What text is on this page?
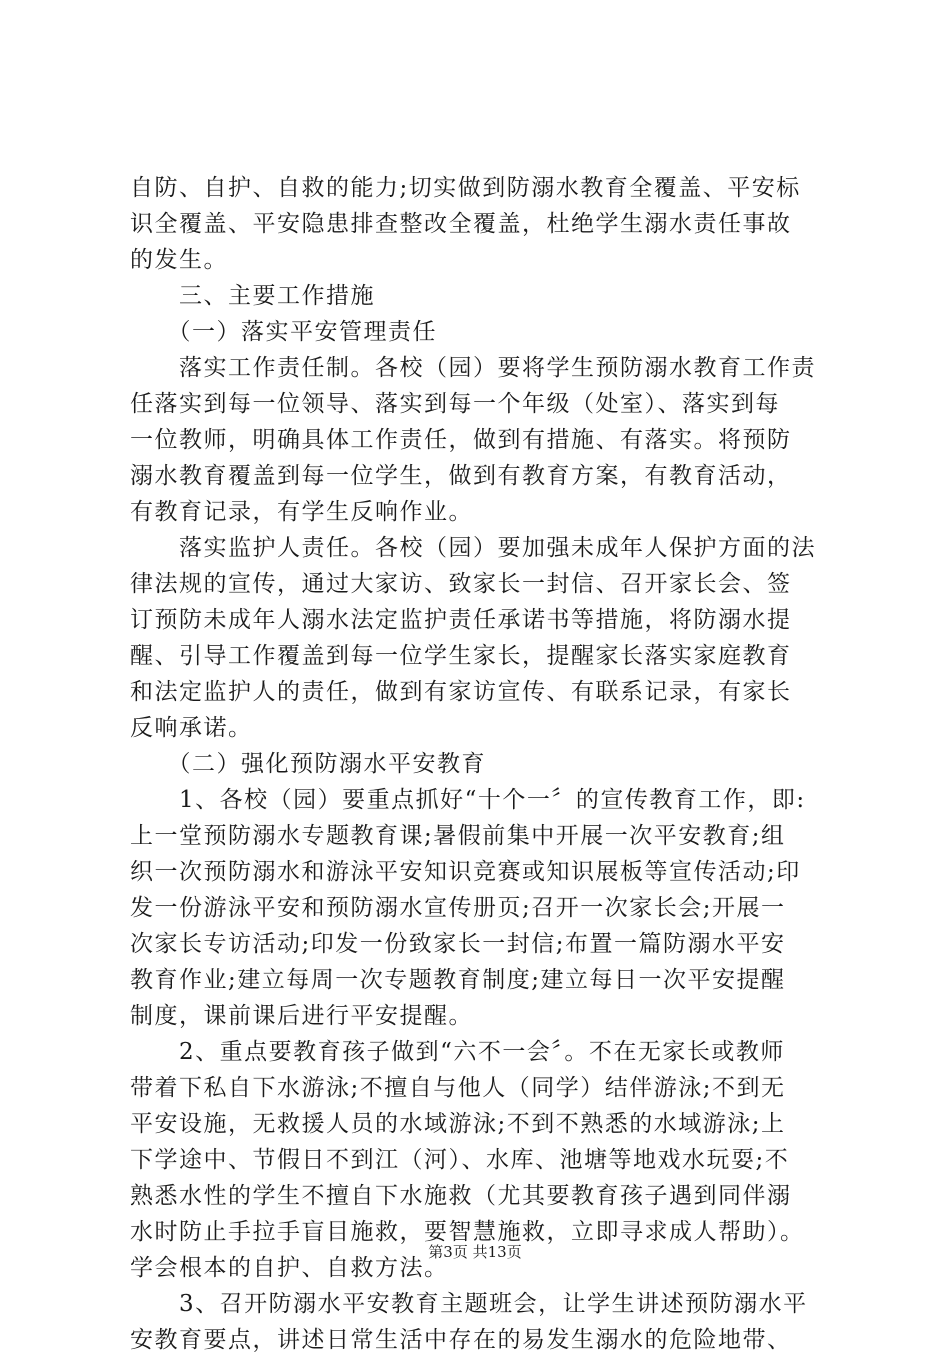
自防、自护、自救的能力;切实做到防溺水教育全覆盖、平安标
识全覆盖、平安隐患排查整改全覆盖，杜绝学生溺水责任事故
的发生。
　　三、主要工作措施
　　（一）落实平安管理责任
　　落实工作责任制。各校（园）要将学生预防溺水教育工作责
任落实到每一位领导、落实到每一个年级（处室）、落实到每
一位教师，明确具体工作责任，做到有措施、有落实。将预防
溺水教育覆盖到每一位学生，做到有教育方案，有教育活动，
有教育记录，有学生反响作业。
　　落实监护人责任。各校（园）要加强未成年人保护方面的法
律法规的宣传，通过大家访、致家长一封信、召开家长会、签
订预防未成年人溺水法定监护责任承诺书等措施，将防溺水提
醒、引导工作覆盖到每一位学生家长，提醒家长落实家庭教育
和法定监护人的责任，做到有家访宣传、有联系记录，有家长
反响承诺。
　　（二）强化预防溺水平安教育
　　1、各校（园）要重点抓好“十个一〞的宣传教育工作，即:
上一堂预防溺水专题教育课;暑假前集中开展一次平安教育;组
织一次预防溺水和游泳平安知识竞赛或知识展板等宣传活动;印
发一份游泳平安和预防溺水宣传册页;召开一次家长会;开展一
次家长专访活动;印发一份致家长一封信;布置一篇防溺水平安
教育作业;建立每周一次专题教育制度;建立每日一次平安提醒
制度，课前课后进行平安提醒。
　　2、重点要教育孩子做到“六不一会〞。不在无家长或教师
带着下私自下水游泳;不擅自与他人（同学）结伴游泳;不到无
平安设施，无救援人员的水域游泳;不到不熟悉的水域游泳;上
下学途中、节假日不到江（河）、水库、池塘等地戏水玩耍;不
熟悉水性的学生不擅自下水施救（尤其要教育孩子遇到同伴溺
水时防止手拉手盲目施救，要智慧施救，立即寻求成人帮助）。
学会根本的自护、自救方法。
　　3、召开防溺水平安教育主题班会，让学生讲述预防溺水平
安教育要点，讲述日常生活中存在的易发生溺水的危险地带、
第3页 共13页
